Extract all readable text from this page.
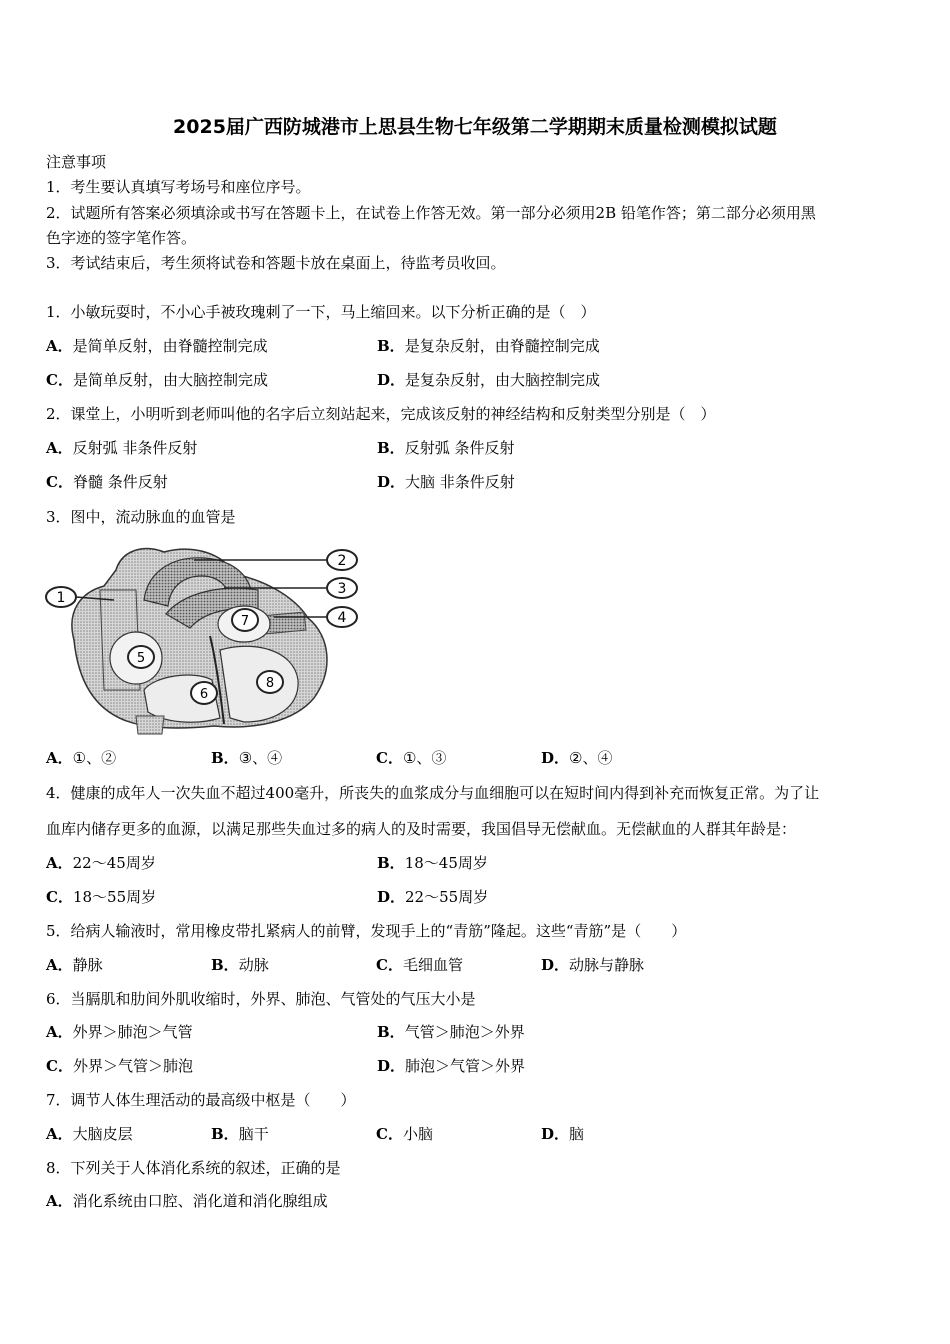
2025届广西防城港市上思县生物七年级第二学期期末质量检测模拟试题
注意事项
1．考生要认真填写考场号和座位序号。
2．试题所有答案必须填涂或书写在答题卡上，在试卷上作答无效。第一部分必须用2B 铅笔作答；第二部分必须用黑
色字迹的签字笔作答。
3．考试结束后，考生须将试卷和答题卡放在桌面上，待监考员收回。
1．小敏玩耍时，不小心手被玫瑰刺了一下，马上缩回来。以下分析正确的是（　）
A．是简单反射，由脊髓控制完成	B．是复杂反射，由脊髓控制完成
C．是简单反射，由大脑控制完成	D．是复杂反射，由大脑控制完成
2．课堂上，小明听到老师叫他的名字后立刻站起来，完成该反射的神经结构和反射类型分别是（　）
A．反射弧 非条件反射	B．反射弧 条件反射
C．脊髓 条件反射	D．大脑 非条件反射
3．图中，流动脉血的血管是
1
2
3
4
5
6
7
8
A．①、②	B．③、④	C．①、③	D．②、④
4．健康的成年人一次失血不超过400毫升，所丧失的血浆成分与血细胞可以在短时间内得到补充而恢复正常。为了让
血库内储存更多的血源，以满足那些失血过多的病人的及时需要，我国倡导无偿献血。无偿献血的人群其年龄是：
A．22～45周岁	B．18～45周岁
C．18～55周岁	D．22～55周岁
5．给病人输液时，常用橡皮带扎紧病人的前臂，发现手上的“青筋”隆起。这些“青筋”是（　　）
A．静脉	B．动脉	C．毛细血管	D．动脉与静脉
6．当膈肌和肋间外肌收缩时，外界、肺泡、气管处的气压大小是
A．外界＞肺泡＞气管	B．气管＞肺泡＞外界
C．外界＞气管＞肺泡	D．肺泡＞气管＞外界
7．调节人体生理活动的最高级中枢是（　　）
A．大脑皮层	B．脑干	C．小脑	D．脑
8．下列关于人体消化系统的叙述，正确的是
A．消化系统由口腔、消化道和消化腺组成
